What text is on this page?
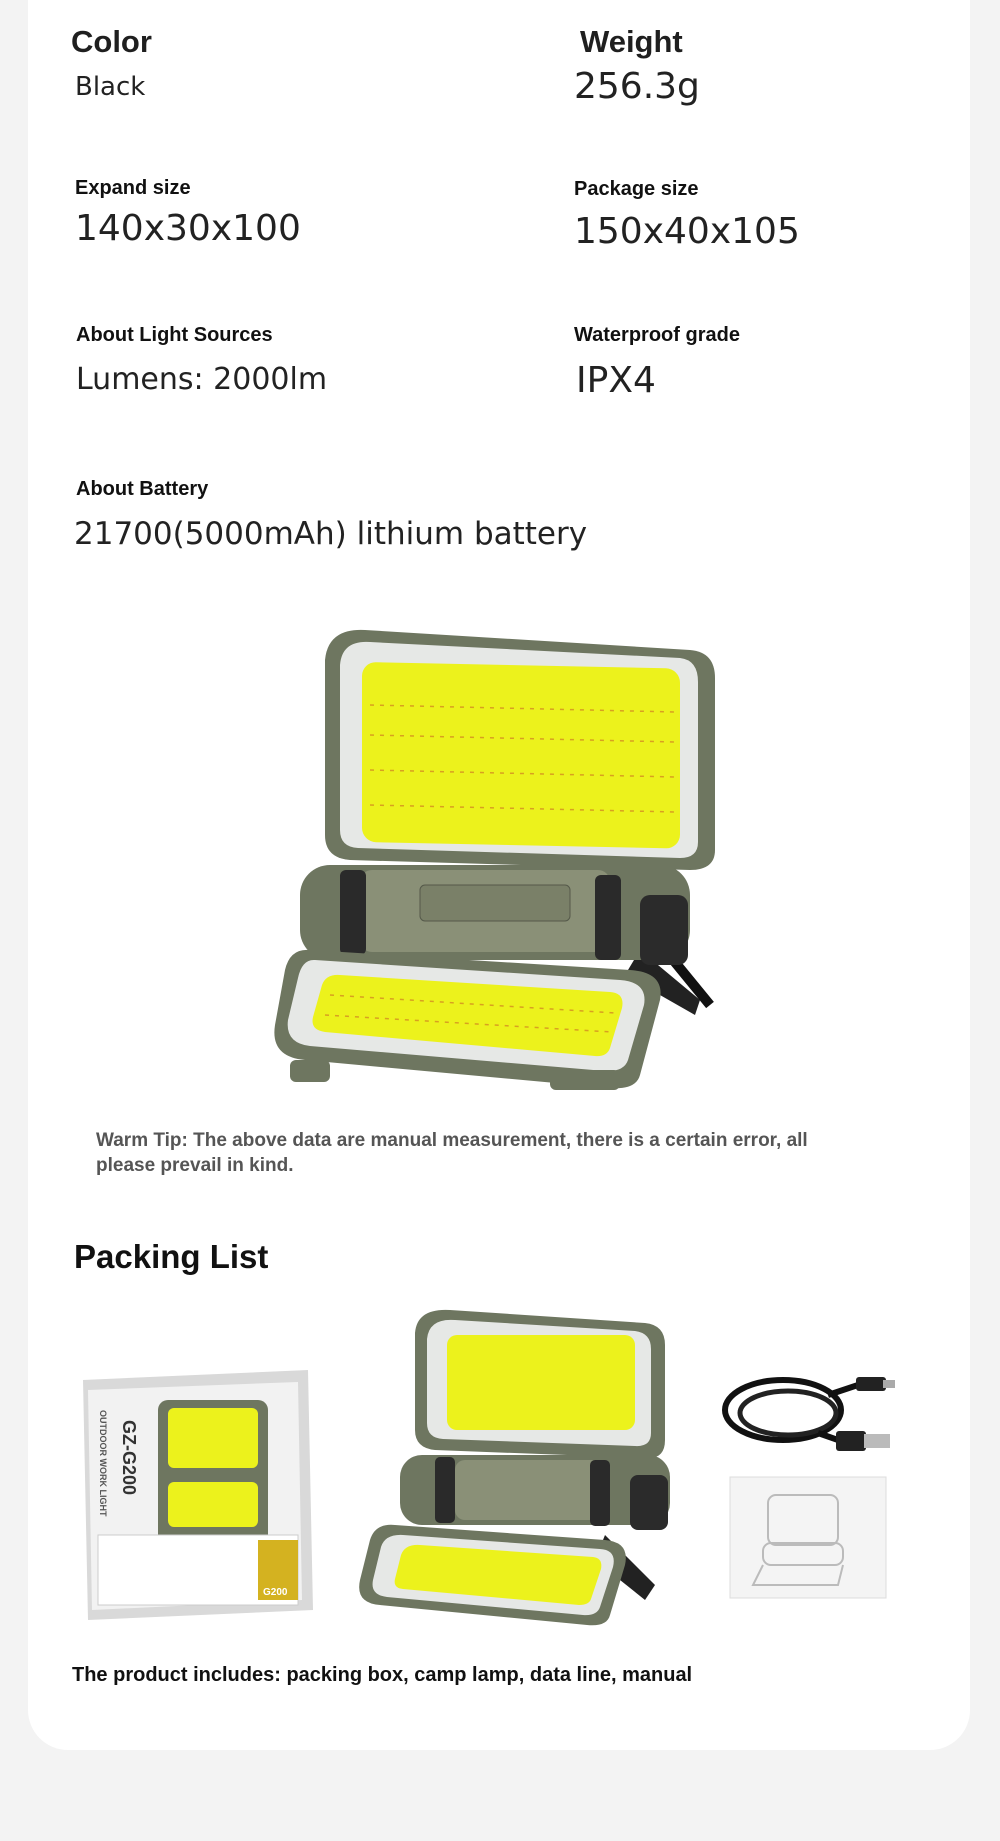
Color
Black
Weight
256.3g
Expand size
140x30x100
Package size
150x40x105
About Light Sources
Lumens: 2000lm
Waterproof grade
IPX4
About Battery
21700(5000mAh) lithium battery
Warm Tip: The above data are manual measurement, there is a certain error, all please prevail in kind.
Packing List
GZ-G200
OUTDOOR WORK LIGHT
G200
The product includes: packing box, camp lamp, data line, manual
